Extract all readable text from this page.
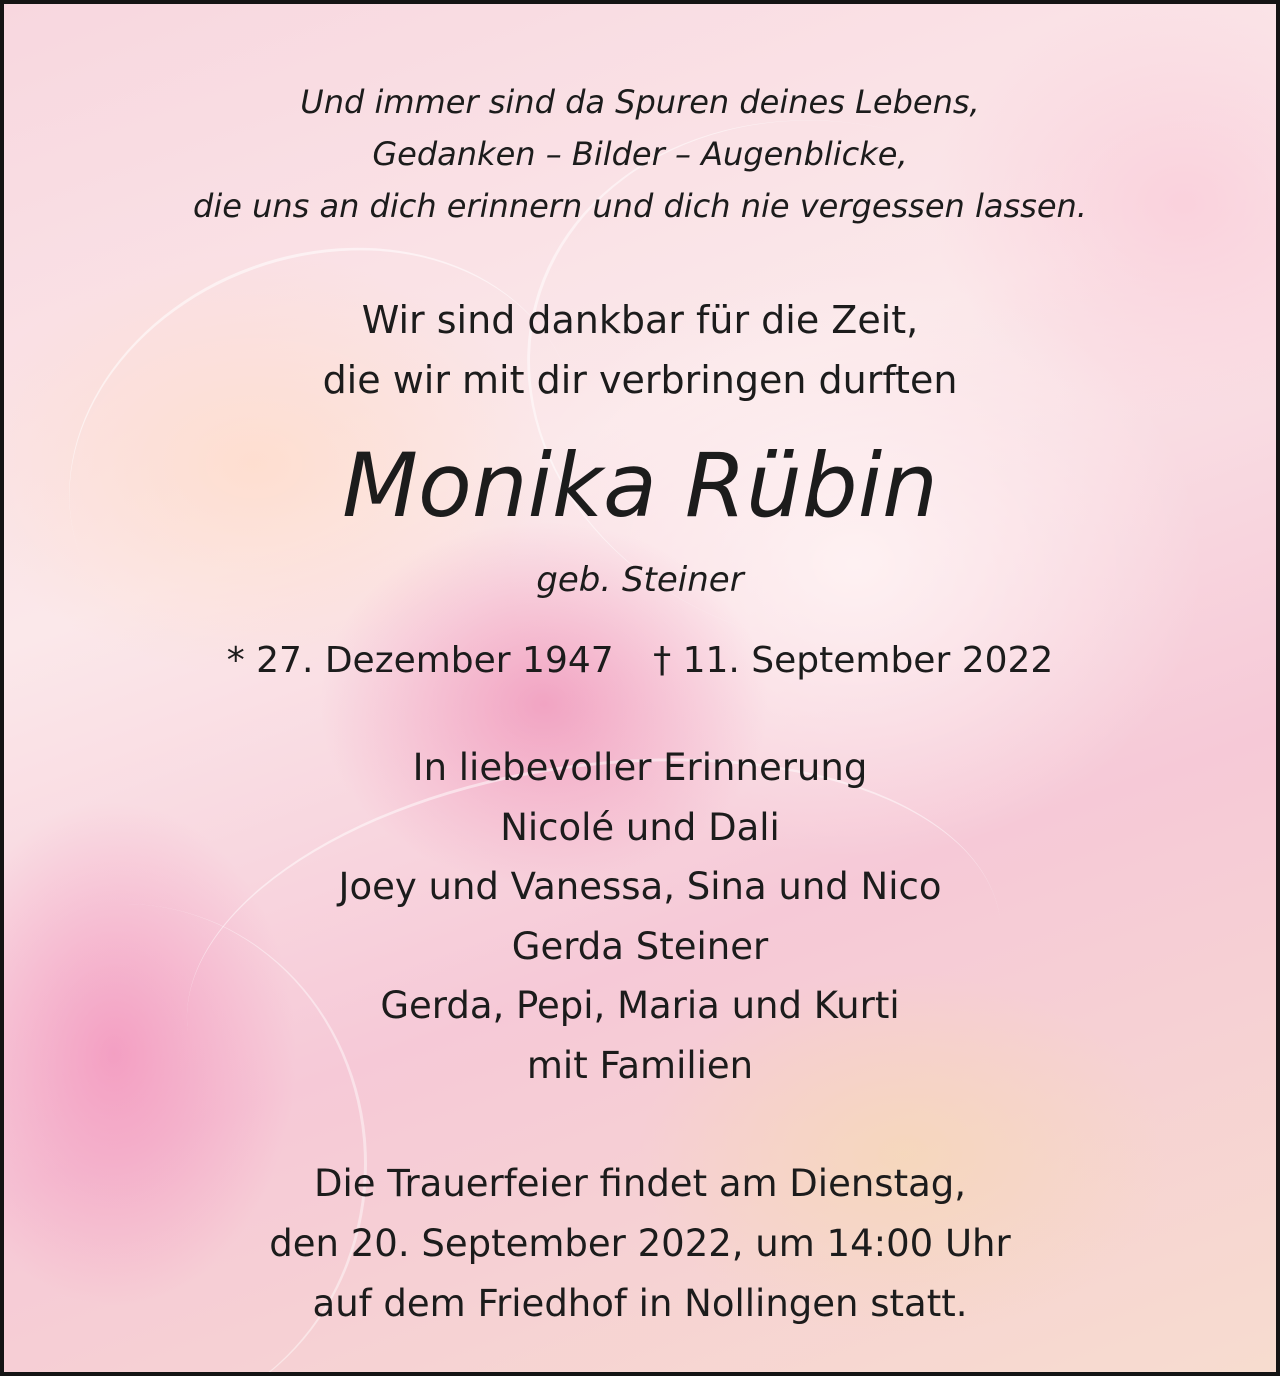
Und immer sind da Spuren deines Lebens,
Gedanken – Bilder – Augenblicke,
die uns an dich erinnern und dich nie vergessen lassen.
Wir sind dankbar für die Zeit,
die wir mit dir verbringen durften
Monika Rübin
geb. Steiner
* 27. Dezember 1947 † 11. September 2022
In liebevoller Erinnerung
Nicolé und Dali
Joey und Vanessa, Sina und Nico
Gerda Steiner
Gerda, Pepi, Maria und Kurti
mit Familien
Die Trauerfeier findet am Dienstag,
den 20. September 2022, um 14:00 Uhr
auf dem Friedhof in Nollingen statt.
